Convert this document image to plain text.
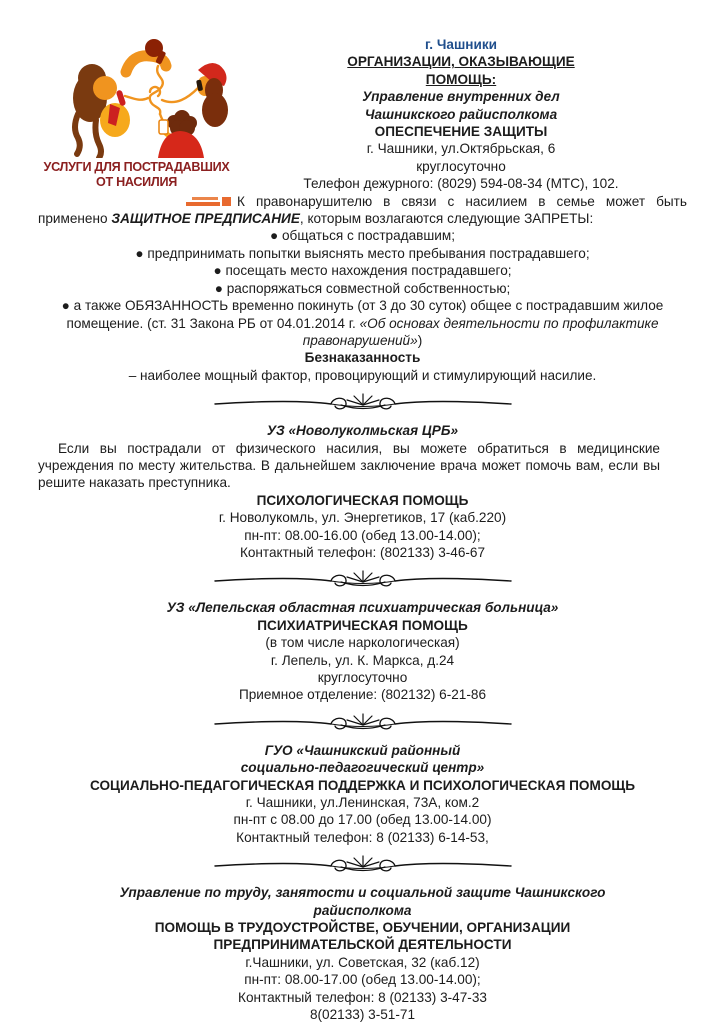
УСЛУГИ ДЛЯ ПОСТРАДАВШИХ
ОТ НАСИЛИЯ
г. Чашники
ОРГАНИЗАЦИИ, ОКАЗЫВАЮЩИЕ
ПОМОЩЬ:
Управление внутренних дел
Чашникского райисполкома
ОПЕСПЕЧЕНИЕ ЗАЩИТЫ
г. Чашники, ул.Октябрьская, 6
круглосуточно
Телефон дежурного: (8029) 594-08-34 (МТС), 102.

К правонарушителю в связи с насилием в семье может быть применено ЗАЩИТНОЕ ПРЕДПИСАНИЕ, которым возлагаются следующие ЗАПРЕТЫ:

● общаться с пострадавшим;
● предпринимать попытки выяснять место пребывания пострадавшего;
● посещать место нахождения пострадавшего;
● распоряжаться совместной собственностью;
● а также ОБЯЗАННОСТЬ временно покинуть (от 3 до 30 суток) общее с пострадавшим жилое помещение. (ст. 31 Закона РБ от 04.01.2014 г. «Об основах деятельности по профилактике правонарушений»)
Безнаказанность
– наиболее мощный фактор, провоцирующий и стимулирующий насилие.
УЗ «Новолуколмьская ЦРБ»
Если вы пострадали от физического насилия, вы можете обратиться в медицинские учреждения по месту жительства. В дальнейшем заключение врача может помочь вам, если вы решите наказать преступника.
ПСИХОЛОГИЧЕСКАЯ ПОМОЩЬ
г. Новолукомль, ул. Энергетиков, 17 (каб.220)
пн-пт: 08.00-16.00 (обед 13.00-14.00);
Контактный телефон: (802133) 3-46-67
УЗ «Лепельская областная психиатрическая больница»
ПСИХИАТРИЧЕСКАЯ ПОМОЩЬ
(в том числе наркологическая)
г. Лепель, ул. К. Маркса, д.24
круглосуточно
Приемное отделение: (802132) 6-21-86
ГУО «Чашникский районный
социально-педагогический центр»
СОЦИАЛЬНО-ПЕДАГОГИЧЕСКАЯ ПОДДЕРЖКА И ПСИХОЛОГИЧЕСКАЯ ПОМОЩЬ
г. Чашники, ул.Ленинская, 73А, ком.2
пн-пт с 08.00 до 17.00 (обед 13.00-14.00)
Контактный телефон: 8 (02133) 6-14-53,
Управление по труду, занятости и социальной защите Чашникского
райисполкома
ПОМОЩЬ В ТРУДОУСТРОЙСТВЕ, ОБУЧЕНИИ, ОРГАНИЗАЦИИ
ПРЕДПРИНИМАТЕЛЬСКОЙ ДЕЯТЕЛЬНОСТИ
г.Чашники, ул. Советская, 32 (каб.12)
пн-пт: 08.00-17.00 (обед 13.00-14.00);
Контактный телефон: 8 (02133) 3-47-33
8(02133) 3-51-71
